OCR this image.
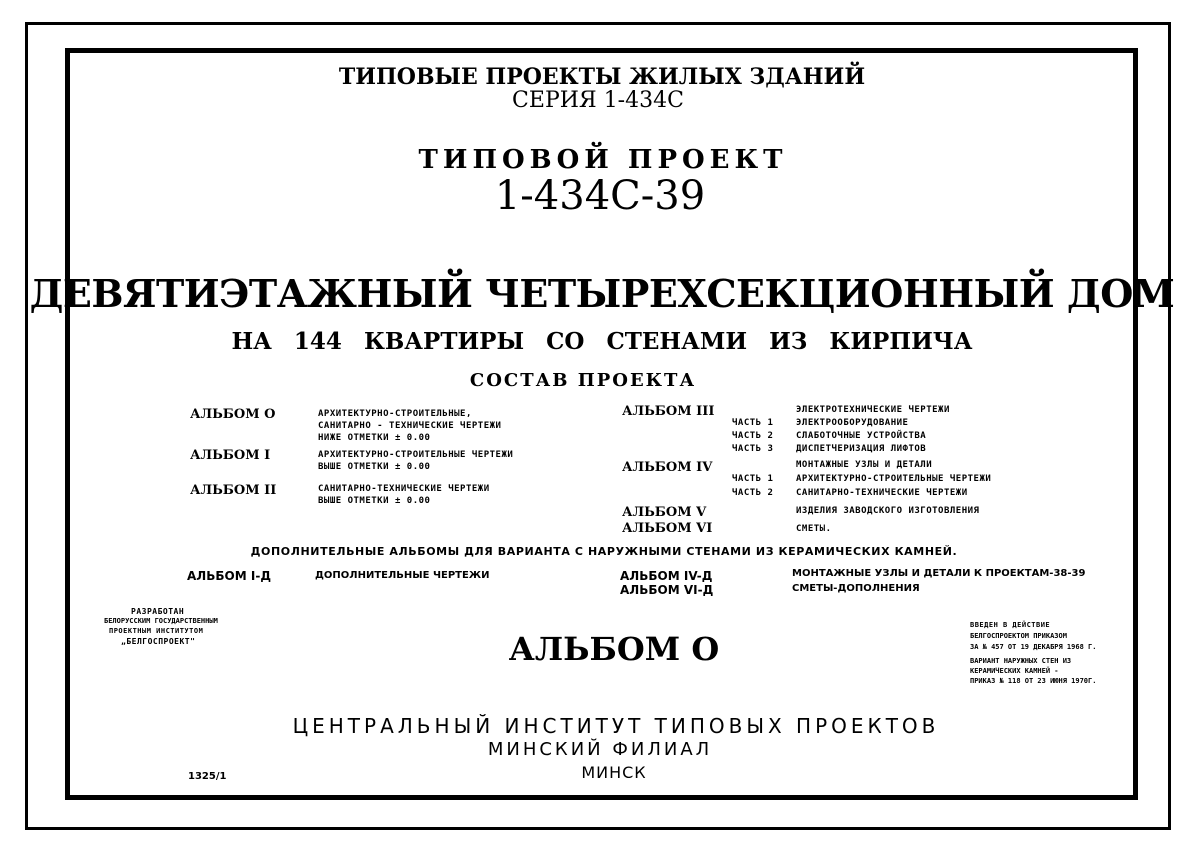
ТИПОВЫЕ ПРОЕКТЫ ЖИЛЫХ ЗДАНИЙ
СЕРИЯ 1-434С
ТИПОВОЙ ПРОЕКТ
1-434С-39
ДЕВЯТИЭТАЖНЫЙ ЧЕТЫРЕХСЕКЦИОННЫЙ ДОМ
НА 144 КВАРТИРЫ СО СТЕНАМИ ИЗ КИРПИЧА
СОСТАВ ПРОЕКТА
АЛЬБОМ О	АРХИТЕКТУРНО-СТРОИТЕЛЬНЫЕ,
САНИТАРНО - ТЕХНИЧЕСКИЕ ЧЕРТЕЖИ
НИЖЕ ОТМЕТКИ ± 0.00
АЛЬБОМ I	АРХИТЕКТУРНО-СТРОИТЕЛЬНЫЕ ЧЕРТЕЖИ
ВЫШЕ ОТМЕТКИ ± 0.00
АЛЬБОМ II	САНИТАРНО-ТЕХНИЧЕСКИЕ ЧЕРТЕЖИ
ВЫШЕ ОТМЕТКИ ± 0.00
АЛЬБОМ III	ЭЛЕКТРОТЕХНИЧЕСКИЕ ЧЕРТЕЖИ
ЧАСТЬ 1	ЭЛЕКТРООБОРУДОВАНИЕ
ЧАСТЬ 2	СЛАБОТОЧНЫЕ УСТРОЙСТВА
ЧАСТЬ 3	ДИСПЕТЧЕРИЗАЦИЯ ЛИФТОВ
АЛЬБОМ IV	МОНТАЖНЫЕ УЗЛЫ И ДЕТАЛИ
ЧАСТЬ 1	АРХИТЕКТУРНО-СТРОИТЕЛЬНЫЕ ЧЕРТЕЖИ
ЧАСТЬ 2	САНИТАРНО-ТЕХНИЧЕСКИЕ ЧЕРТЕЖИ
АЛЬБОМ V	ИЗДЕЛИЯ ЗАВОДСКОГО ИЗГОТОВЛЕНИЯ
АЛЬБОМ VI	СМЕТЫ.
ДОПОЛНИТЕЛЬНЫЕ АЛЬБОМЫ ДЛЯ ВАРИАНТА С НАРУЖНЫМИ СТЕНАМИ ИЗ КЕРАМИЧЕСКИХ КАМНЕЙ.
АЛЬБОМ I-Д	ДОПОЛНИТЕЛЬНЫЕ ЧЕРТЕЖИ	АЛЬБОМ IV-Д	МОНТАЖНЫЕ УЗЛЫ И ДЕТАЛИ К ПРОЕКТАМ-38-39
АЛЬБОМ VI-Д	СМЕТЫ-ДОПОЛНЕНИЯ
РАЗРАБОТАН
БЕЛОРУССКИМ ГОСУДАРСТВЕННЫМ
ПРОЕКТНЫМ ИНСТИТУТОМ
„БЕЛГОСПРОЕКТ"	АЛЬБОМ О
ВВЕДЕН В ДЕЙСТВИЕ
БЕЛГОСПРОЕКТОМ ПРИКАЗОМ
ЗА № 457 ОТ 19 ДЕКАБРЯ 1968 Г.
ВАРИАНТ НАРУЖНЫХ СТЕН ИЗ
КЕРАМИЧЕСКИХ КАМНЕЙ -
ПРИКАЗ № 118 ОТ 23 ИЮНЯ 1970Г.
ЦЕНТРАЛЬНЫЙ ИНСТИТУТ ТИПОВЫХ ПРОЕКТОВ
МИНСКИЙ ФИЛИАЛ
МИНСК
1325/1
